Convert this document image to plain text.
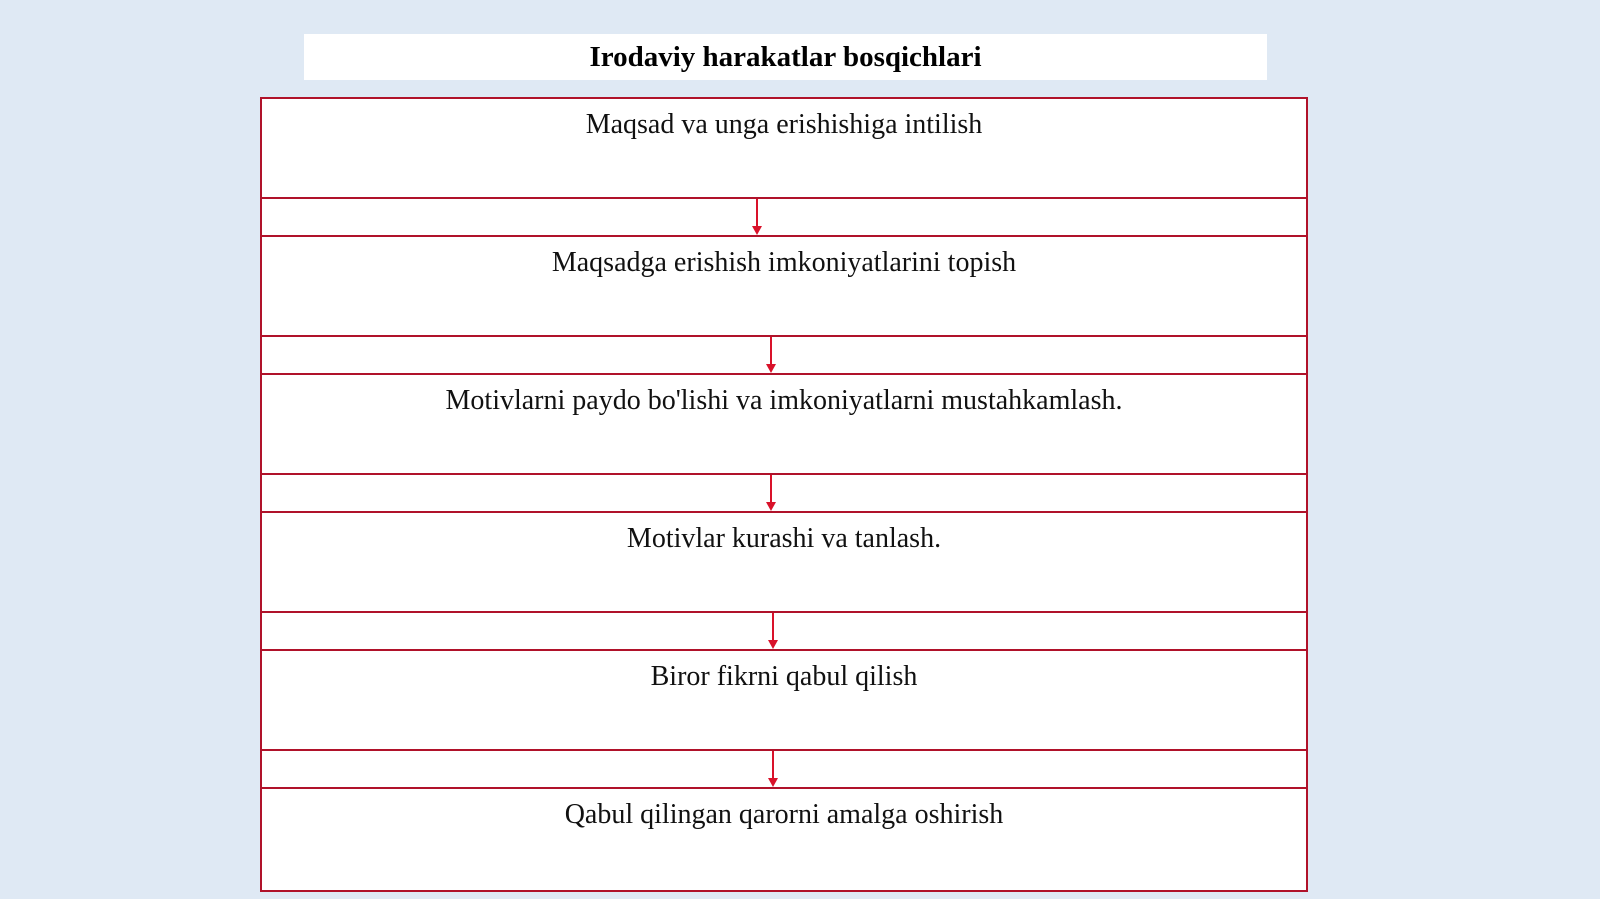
Irodaviy harakatlar bosqichlari
Maqsad va unga erishishiga intilish
Maqsadga erishish imkoniyatlarini topish
Motivlarni paydo bo'lishi va imkoniyatlarni mustahkamlash.
Motivlar kurashi va tanlash.
Biror fikrni qabul qilish
Qabul qilingan qarorni amalga oshirish
